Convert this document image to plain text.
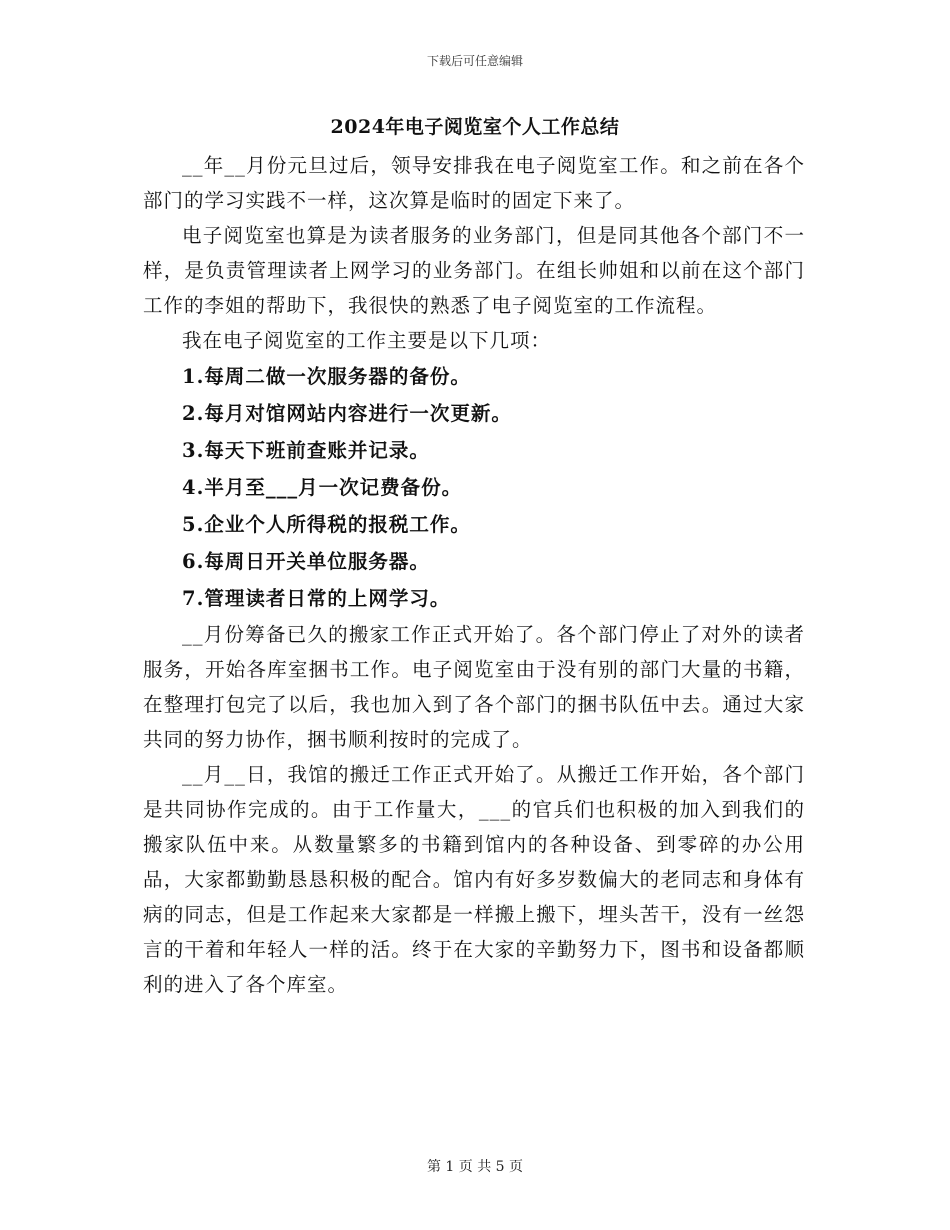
下载后可任意编辑
2024年电子阅览室个人工作总结

__年__月份元旦过后，领导安排我在电子阅览室工作。和之前在各个部门的学习实践不一样，这次算是临时的固定下来了。

电子阅览室也算是为读者服务的业务部门，但是同其他各个部门不一样，是负责管理读者上网学习的业务部门。在组长帅姐和以前在这个部门工作的李姐的帮助下，我很快的熟悉了电子阅览室的工作流程。

我在电子阅览室的工作主要是以下几项：

1.每周二做一次服务器的备份。

2.每月对馆网站内容进行一次更新。

3.每天下班前查账并记录。

4.半月至___月一次记费备份。

5.企业个人所得税的报税工作。

6.每周日开关单位服务器。

7.管理读者日常的上网学习。

__月份筹备已久的搬家工作正式开始了。各个部门停止了对外的读者服务，开始各库室捆书工作。电子阅览室由于没有别的部门大量的书籍，在整理打包完了以后，我也加入到了各个部门的捆书队伍中去。通过大家共同的努力协作，捆书顺利按时的完成了。

__月__日，我馆的搬迁工作正式开始了。从搬迁工作开始，各个部门是共同协作完成的。由于工作量大，___的官兵们也积极的加入到我们的搬家队伍中来。从数量繁多的书籍到馆内的各种设备、到零碎的办公用品，大家都勤勤恳恳积极的配合。馆内有好多岁数偏大的老同志和身体有病的同志，但是工作起来大家都是一样搬上搬下，埋头苦干，没有一丝怨言的干着和年轻人一样的活。终于在大家的辛勤努力下，图书和设备都顺利的进入了各个库室。

第 1 页 共 5 页
